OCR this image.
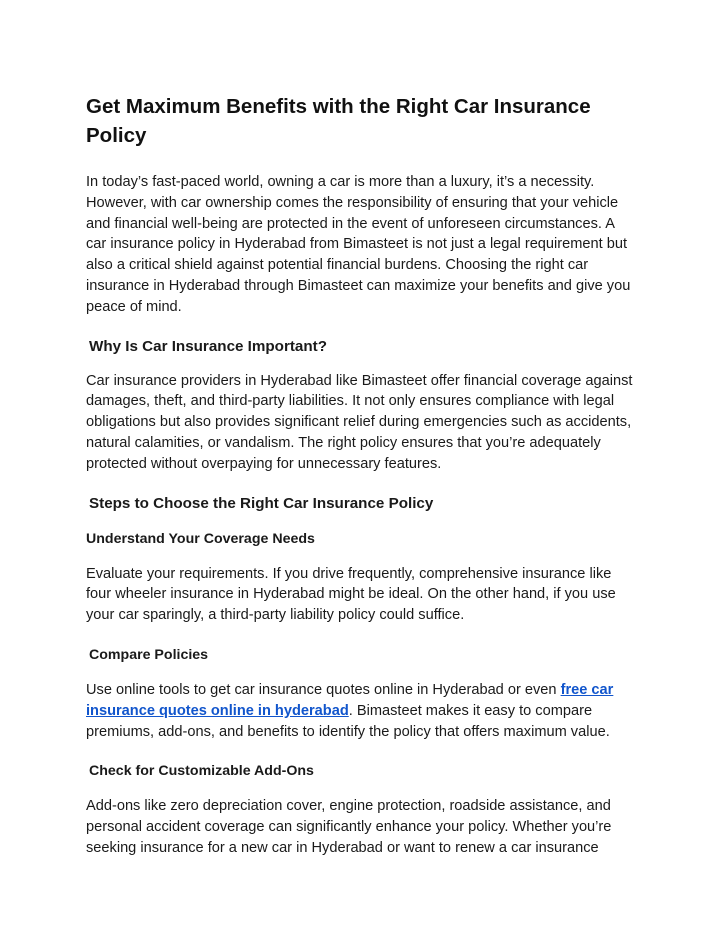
Get Maximum Benefits with the Right Car Insurance Policy

In today’s fast-paced world, owning a car is more than a luxury, it’s a necessity. However, with car ownership comes the responsibility of ensuring that your vehicle and financial well-being are protected in the event of unforeseen circumstances. A car insurance policy in Hyderabad from Bimasteet is not just a legal requirement but also a critical shield against potential financial burdens. Choosing the right car insurance in Hyderabad through Bimasteet can maximize your benefits and give you peace of mind.

Why Is Car Insurance Important?

Car insurance providers in Hyderabad like Bimasteet offer financial coverage against damages, theft, and third-party liabilities. It not only ensures compliance with legal obligations but also provides significant relief during emergencies such as accidents, natural calamities, or vandalism. The right policy ensures that you’re adequately protected without overpaying for unnecessary features.

Steps to Choose the Right Car Insurance Policy
Understand Your Coverage Needs

Evaluate your requirements. If you drive frequently, comprehensive insurance like four wheeler insurance in Hyderabad might be ideal. On the other hand, if you use your car sparingly, a third-party liability policy could suffice.

Compare Policies

Use online tools to get car insurance quotes online in Hyderabad or even free car insurance quotes online in hyderabad. Bimasteet makes it easy to compare premiums, add-ons, and benefits to identify the policy that offers maximum value.

Check for Customizable Add-Ons

Add-ons like zero depreciation cover, engine protection, roadside assistance, and personal accident coverage can significantly enhance your policy. Whether you’re seeking insurance for a new car in Hyderabad or want to renew a car insurance
